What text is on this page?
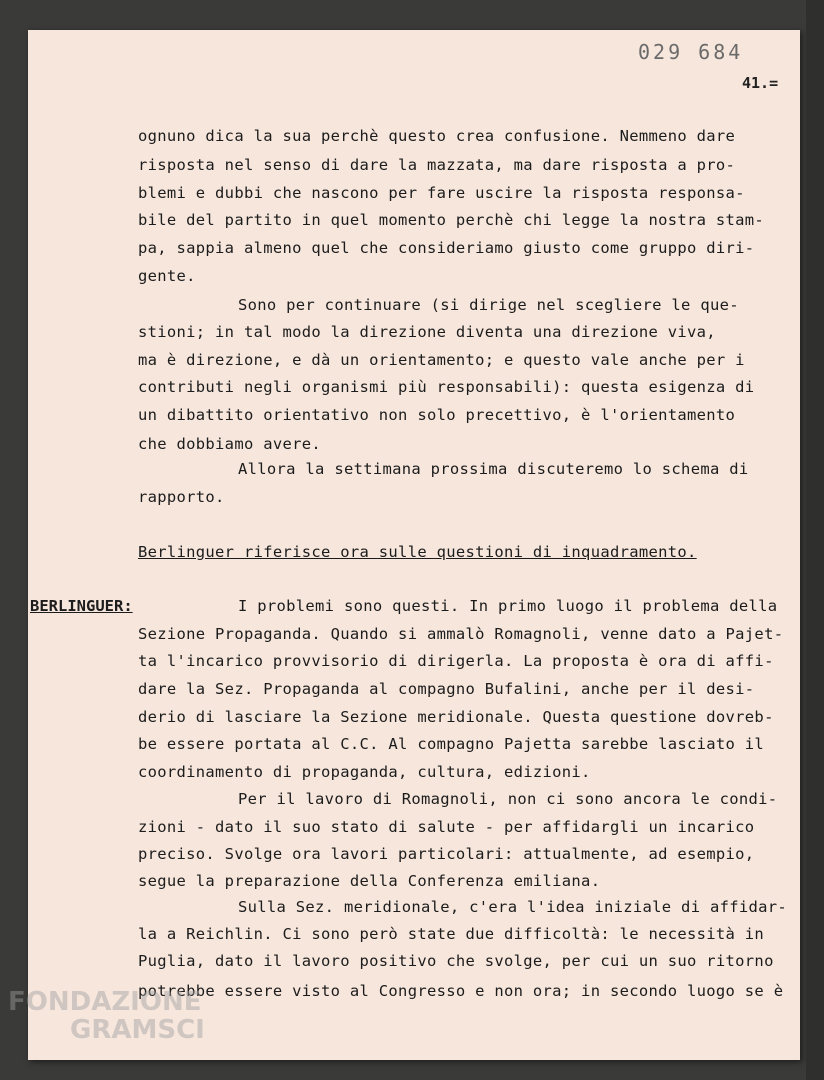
029 684
41.=
BERLINGUER:
ognuno dica la sua perchè questo crea confusione. Nemmeno dare
risposta nel senso di dare la mazzata, ma dare risposta a pro-
blemi e dubbi che nascono per fare uscire la risposta responsa-
bile del partito in quel momento perchè chi legge la nostra stam-
pa, sappia almeno quel che consideriamo giusto come gruppo diri-
gente.
Sono per continuare (si dirige nel scegliere le que-
stioni; in tal modo la direzione diventa una direzione viva,
ma è direzione, e dà un orientamento; e questo vale anche per i
contributi negli organismi più responsabili): questa esigenza di
un dibattito orientativo non solo precettivo, è l'orientamento
che dobbiamo avere.
Allora la settimana prossima discuteremo lo schema di
rapporto.
Berlinguer riferisce ora sulle questioni di inquadramento.
I problemi sono questi. In primo luogo il problema della
Sezione Propaganda. Quando si ammalò Romagnoli, venne dato a Pajet-
ta l'incarico provvisorio di dirigerla. La proposta è ora di affi-
dare la Sez. Propaganda al compagno Bufalini, anche per il desi-
derio di lasciare la Sezione meridionale. Questa questione dovreb-
be essere portata al C.C. Al compagno Pajetta sarebbe lasciato il
coordinamento di propaganda, cultura, edizioni.
Per il lavoro di Romagnoli, non ci sono ancora le condi-
zioni - dato il suo stato di salute - per affidargli un incarico
preciso. Svolge ora lavori particolari: attualmente, ad esempio,
segue la preparazione della Conferenza emiliana.
Sulla Sez. meridionale, c'era l'idea iniziale di affidar-
la a Reichlin. Ci sono però state due difficoltà: le necessità in
Puglia, dato il lavoro positivo che svolge, per cui un suo ritorno
potrebbe essere visto al Congresso e non ora; in secondo luogo se è
FONDAZIONE
GRAMSCI
